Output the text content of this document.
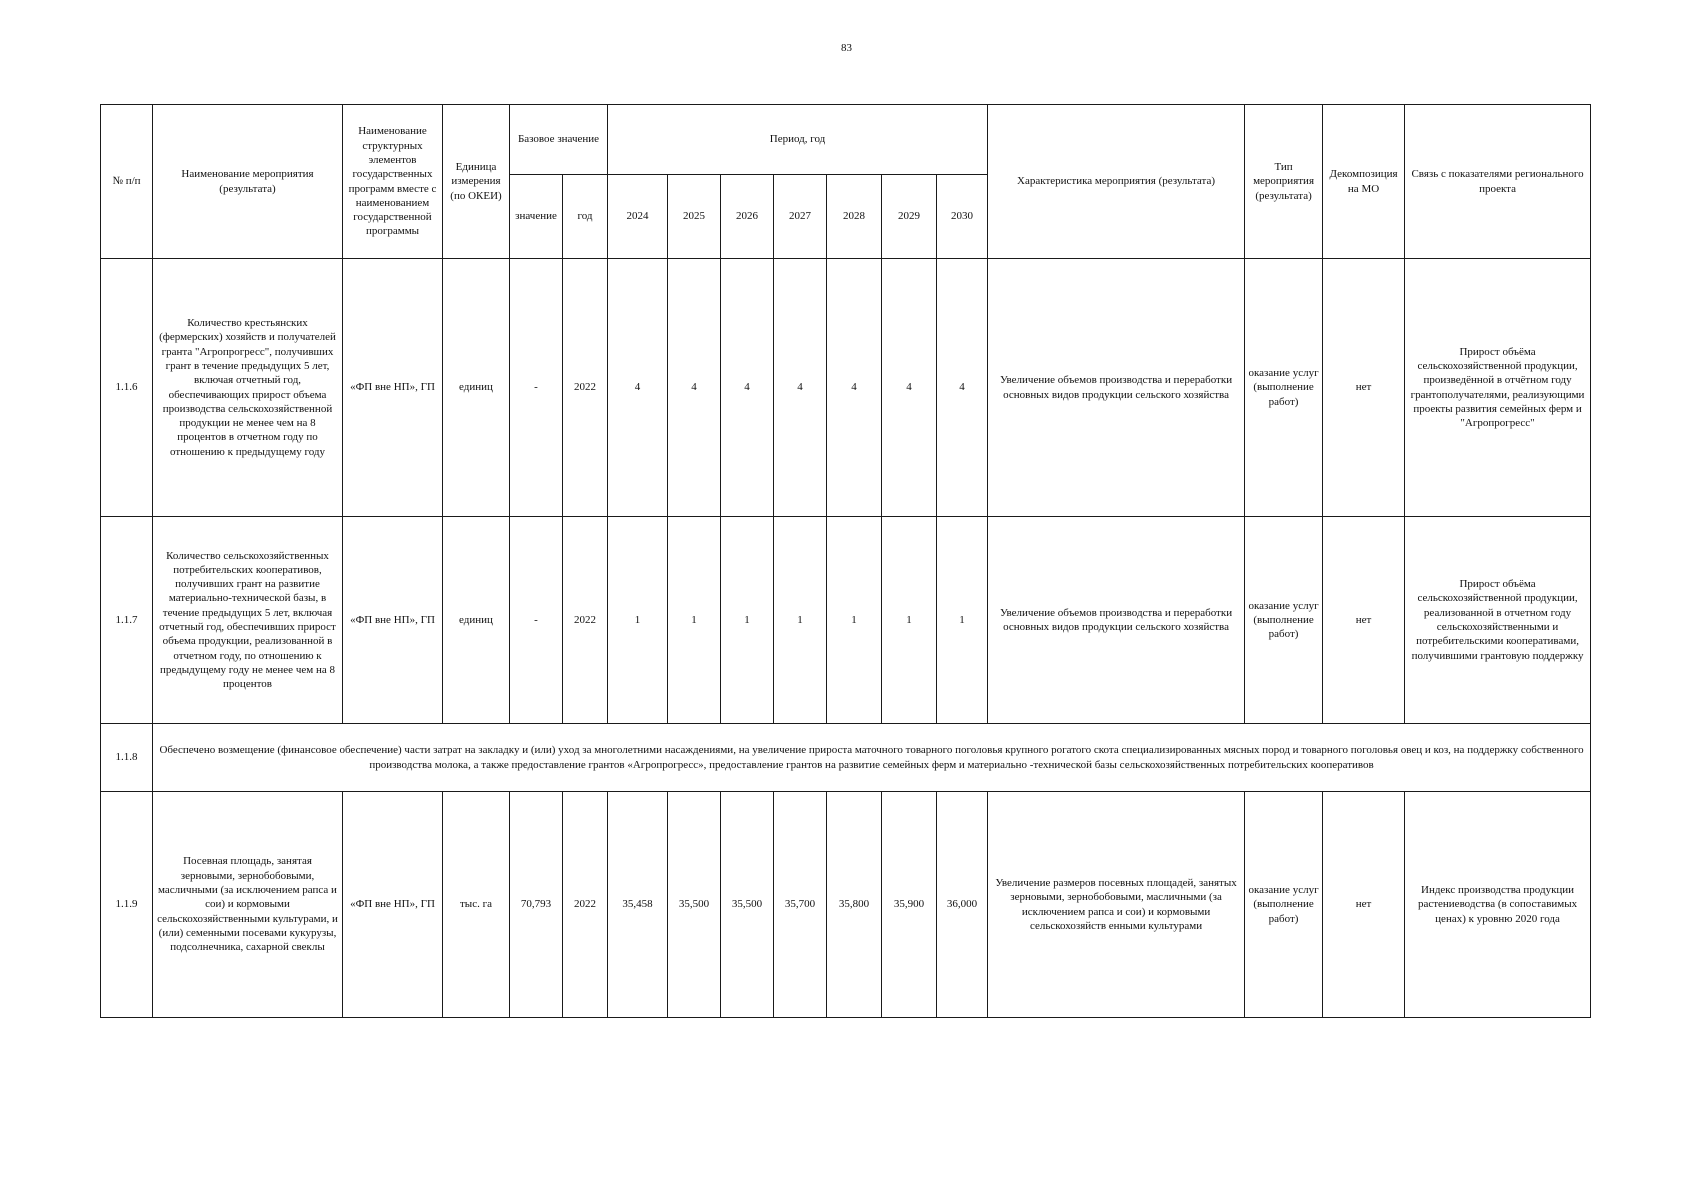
83
№ п/п	Наименование мероприятия (результата)	Наименование структурных элементов государственных программ вместе с наименованием государственной программы	Единица измерения (по ОКЕИ)	Базовое значение		Период, год							Характеристика мероприятия (результата)	Тип мероприятия (результата)	Декомпозиция на МО	Связь с показателями регионального проекта
				значение	год	2024	2025	2026	2027	2028	2029	2030				
1.1.6	Количество крестьянских (фермерских) хозяйств и получателей гранта "Агропрогресс", получивших грант в течение предыдущих 5 лет, включая отчетный год, обеспечивающих прирост объема производства сельскохозяйственной продукции не менее чем на 8 процентов в отчетном году по отношению к предыдущему году	«ФП вне НП», ГП	единиц	-	2022	4	4	4	4	4	4	4	Увеличение объемов производства и переработки основных видов продукции сельского хозяйства	оказание услуг (выполнение работ)	нет	Прирост объёма сельскохозяйственной продукции, произведённой в отчётном году грантополучателями, реализующими проекты развития семейных ферм и "Агропрогресс"
1.1.7	Количество сельскохозяйственных потребительских кооперативов, получивших грант на развитие материально-технической базы, в течение предыдущих 5 лет, включая отчетный год, обеспечивших прирост объема продукции, реализованной в отчетном году, по отношению к предыдущему году не менее чем на 8 процентов	«ФП вне НП», ГП	единиц	-	2022	1	1	1	1	1	1	1	Увеличение объемов производства и переработки основных видов продукции сельского хозяйства	оказание услуг (выполнение работ)	нет	Прирост объёма сельскохозяйственной продукции, реализованной в отчетном году сельскохозяйственными и потребительскими кооперативами, получившими грантовую поддержку
1.1.8	Обеспечено возмещение (финансовое обеспечение) части затрат на закладку и (или) уход за многолетними насаждениями, на увеличение прироста маточного товарного поголовья крупного рогатого скота специализированных мясных пород и товарного поголовья овец и коз, на поддержку собственного производства молока, а также предоставление грантов «Агропрогресс», предоставление грантов на развитие семейных ферм и материально -технической базы сельскохозяйственных потребительских кооперативов															
1.1.9	Посевная площадь, занятая зерновыми, зернобобовыми, масличными (за исключением рапса и сои) и кормовыми сельскохозяйственными культурами, и (или) семенными посевами кукурузы, подсолнечника, сахарной свеклы	«ФП вне НП», ГП	тыс. га	70,793	2022	35,458	35,500	35,500	35,700	35,800	35,900	36,000	Увеличение размеров посевных площадей, занятых зерновыми, зернобобовыми, масличными (за исключением рапса и сои) и кормовыми сельскохозяйств енными культурами	оказание услуг (выполнение работ)	нет	Индекс производства продукции растениеводства (в сопоставимых ценах) к уровню 2020 года
